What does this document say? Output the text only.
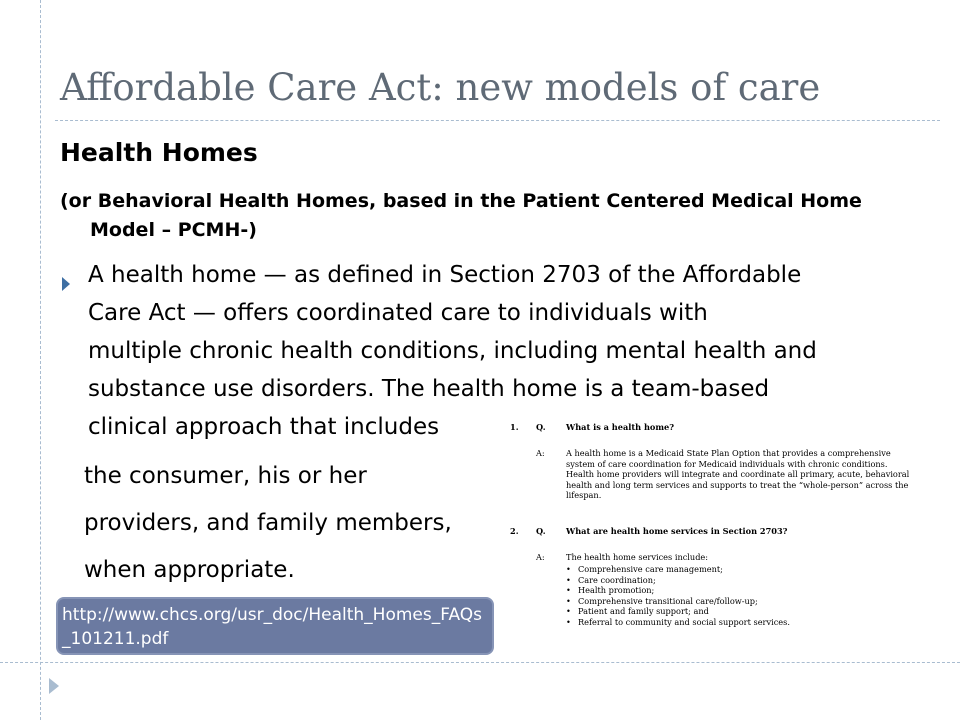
Affordable Care Act: new models of care
Health Homes
(or Behavioral Health Homes, based in the Patient Centered Medical Home Model – PCMH-)
A health home — as defined in Section 2703 of the Affordable
Care Act — offers coordinated care to individuals with
multiple chronic health conditions, including mental health and
substance use disorders. The health home is a team-based
clinical approach that includes
the consumer, his or her
providers, and family members,
when appropriate.
http://www.chcs.org/usr_doc/Health_Homes_FAQs_101211.pdf
1. Q. What is a health home?
A:	A health home is a Medicaid State Plan Option that provides a comprehensive system of care coordination for Medicaid individuals with chronic conditions. Health home providers will integrate and coordinate all primary, acute, behavioral health and long term services and supports to treat the “whole-person” across the lifespan.
2. Q. What are health home services in Section 2703?
A:	The health home services include:
• Comprehensive care management;
• Care coordination;
• Health promotion;
• Comprehensive transitional care/follow-up;
• Patient and family support; and
• Referral to community and social support services.
